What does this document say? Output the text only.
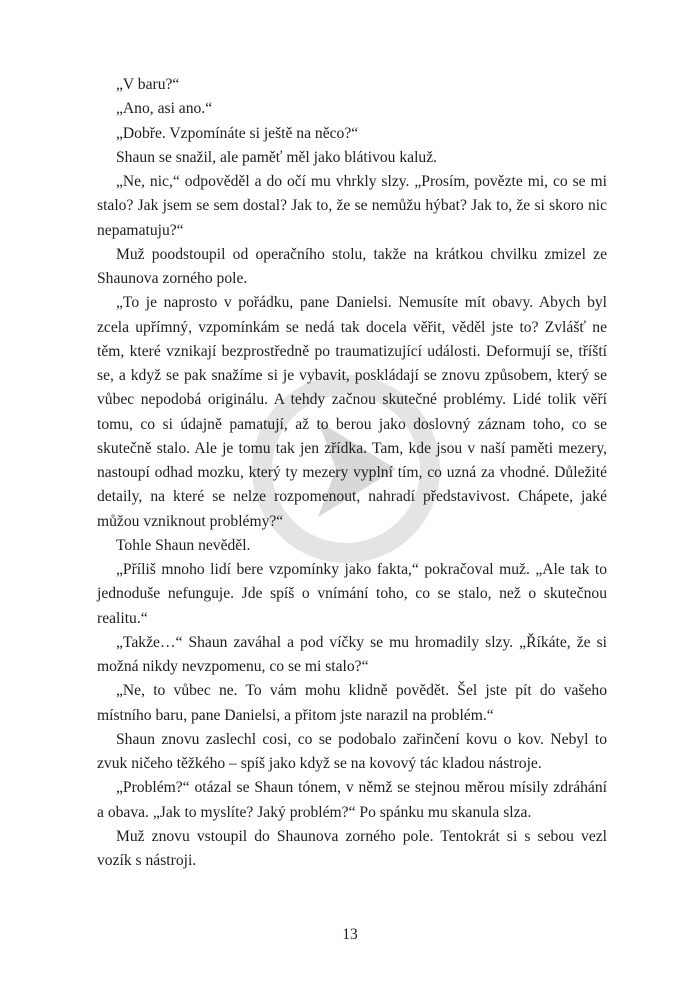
„V baru?“

„Ano, asi ano.“

„Dobře. Vzpomínáte si ještě na něco?“

Shaun se snažil, ale paměť měl jako blátivou kaluž.

„Ne, nic,“ odpověděl a do očí mu vhrkly slzy. „Prosím, povězte mi, co se mi stalo? Jak jsem se sem dostal? Jak to, že se nemůžu hýbat? Jak to, že si skoro nic nepamatuju?“

Muž poodstoupil od operačního stolu, takže na krátkou chvilku zmizel ze Shaunova zorného pole.

„To je naprosto v pořádku, pane Danielsi. Nemusíte mít obavy. Abych byl zcela upřímný, vzpomínkám se nedá tak docela věřit, věděl jste to? Zvlášť ne těm, které vznikají bezprostředně po traumatizující události. Deformují se, tříští se, a když se pak snažíme si je vybavit, poskládají se znovu způsobem, který se vůbec nepodobá originálu. A tehdy začnou skutečné problémy. Lidé tolik věří tomu, co si údajně pamatují, až to berou jako doslovný záznam toho, co se skutečně stalo. Ale je tomu tak jen zřídka. Tam, kde jsou v naší paměti mezery, nastoupí odhad mozku, který ty mezery vyplní tím, co uzná za vhodné. Důležité detaily, na které se nelze rozpomenout, nahradí představivost. Chápete, jaké můžou vzniknout problémy?“

Tohle Shaun nevěděl.

„Příliš mnoho lidí bere vzpomínky jako fakta,“ pokračoval muž. „Ale tak to jednoduše nefunguje. Jde spíš o vnímání toho, co se stalo, než o skutečnou realitu.“

„Takže…“ Shaun zaváhal a pod víčky se mu hromadily slzy. „Říkáte, že si možná nikdy nevzpomenu, co se mi stalo?“

„Ne, to vůbec ne. To vám mohu klidně povědět. Šel jste pít do vašeho místního baru, pane Danielsi, a přitom jste narazil na problém.“

Shaun znovu zaslechl cosi, co se podobalo zařinčení kovu o kov. Nebyl to zvuk ničeho těžkého – spíš jako když se na kovový tác kladou nástroje.

„Problém?“ otázal se Shaun tónem, v němž se stejnou měrou mísily zdráhání a obava. „Jak to myslíte? Jaký problém?“ Po spánku mu skanula slza.

Muž znovu vstoupil do Shaunova zorného pole. Tentokrát si s sebou vezl vozík s nástroji.

13
